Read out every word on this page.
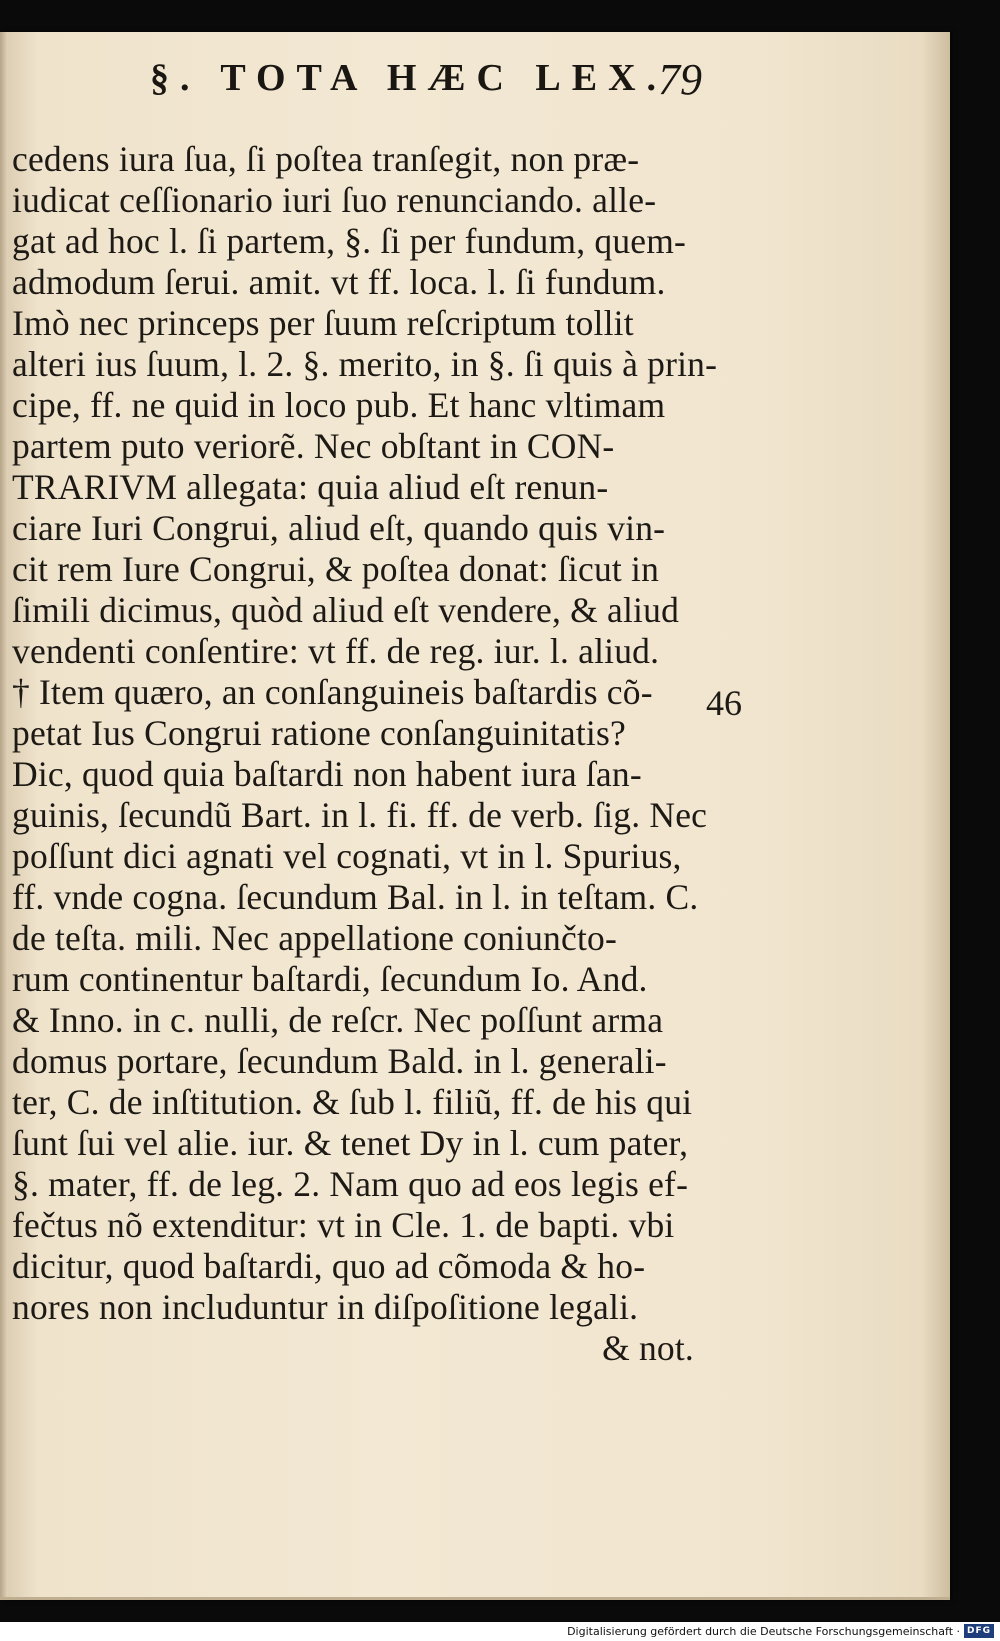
§. TOTA HÆC LEX.
79
cedens iura ſua, ſi poſtea tranſegit, non præ-
iudicat ceſſionario iuri ſuo renunciando. alle-
gat ad hoc l. ſi partem, §. ſi per fundum, quem-
admodum ſerui. amit. vt ff. loca. l. ſi fundum.
Imò nec princeps per ſuum reſcriptum tollit
alteri ius ſuum, l. 2. §. merito, in §. ſi quis à prin-
cipe, ff. ne quid in loco pub. Et hanc vltimam
partem puto veriorẽ. Nec obſtant in CON-
TRARIVM allegata: quia aliud eſt renun-
ciare Iuri Congrui, aliud eſt, quando quis vin-
cit rem Iure Congrui, & poſtea donat: ſicut in
ſimili dicimus, quòd aliud eſt vendere, & aliud
vendenti conſentire: vt ff. de reg. iur. l. aliud.
† Item quæro, an conſanguineis baſtardis cõ-
petat Ius Congrui ratione conſanguinitatis?
Dic, quod quia baſtardi non habent iura ſan-
guinis, ſecundũ Bart. in l. fi. ff. de verb. ſig. Nec
poſſunt dici agnati vel cognati, vt in l. Spurius,
ff. vnde cogna. ſecundum Bal. in l. in teſtam. C.
de teſta. mili. Nec appellatione coniunčto-
rum continentur baſtardi, ſecundum Io. And.
& Inno. in c. nulli, de reſcr. Nec poſſunt arma
domus portare, ſecundum Bald. in l. generali-
ter, C. de inſtitution. & ſub l. filiũ, ff. de his qui
ſunt ſui vel alie. iur. & tenet Dy in l. cum pater,
§. mater, ff. de leg. 2. Nam quo ad eos legis ef-
fečtus nõ extenditur: vt in Cle. 1. de bapti. vbi
dicitur, quod baſtardi, quo ad cõmoda & ho-
nores non includuntur in diſpoſitione legali.
& not.
46
Digitalisierung gefördert durch die Deutsche Forschungsgemeinschaft · DFG
